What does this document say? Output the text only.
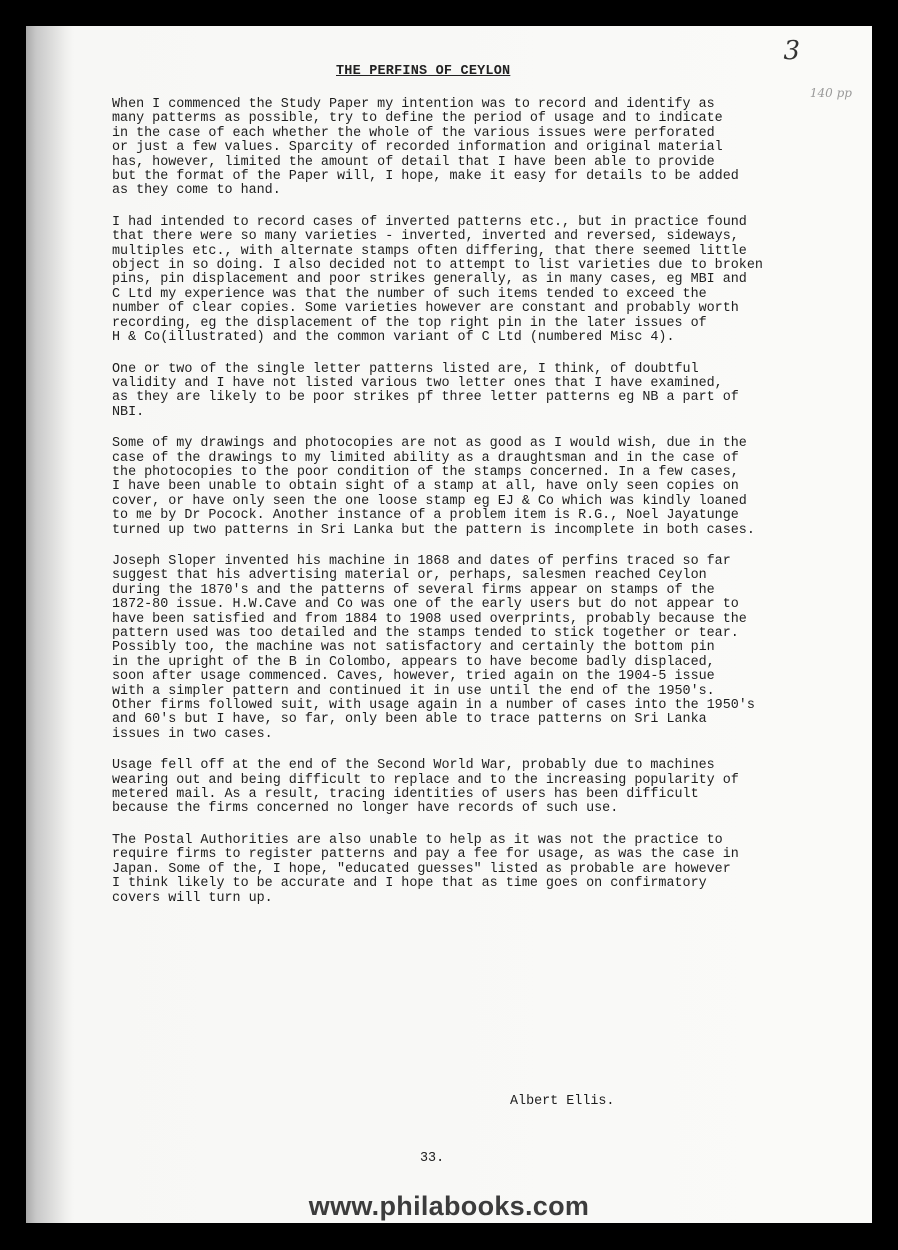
3
140 pp
THE PERFINS OF CEYLON

When I commenced the Study Paper my intention was to record and identify as
many patterms as possible, try to define the period of usage and to indicate
in the case of each whether the whole of the various issues were perforated
or just a few values. Sparcity of recorded information and original material
has, however, limited the amount of detail that I have been able to provide
but the format of the Paper will, I hope, make it easy for details to be added
as they come to hand.

I had intended to record cases of inverted patterns etc., but in practice found
that there were so many varieties - inverted, inverted and reversed, sideways,
multiples etc., with alternate stamps often differing, that there seemed little
object in so doing. I also decided not to attempt to list varieties due to broken
pins, pin displacement and poor strikes generally, as in many cases, eg MBI and
C Ltd my experience was that the number of such items tended to exceed the
number of clear copies. Some varieties however are constant and probably worth
recording, eg the displacement of the top right pin in the later issues of
H & Co(illustrated) and the common variant of C Ltd (numbered Misc 4).

One or two of the single letter patterns listed are, I think, of doubtful
validity and I have not listed various two letter ones that I have examined,
as they are likely to be poor strikes pf three letter patterns eg NB a part of
NBI.

Some of my drawings and photocopies are not as good as I would wish, due in the
case of the drawings to my limited ability as a draughtsman and in the case of
the photocopies to the poor condition of the stamps concerned. In a few cases,
I have been unable to obtain sight of a stamp at all, have only seen copies on
cover, or have only seen the one loose stamp eg EJ & Co which was kindly loaned
to me by Dr Pocock. Another instance of a problem item is R.G., Noel Jayatunge
turned up two patterns in Sri Lanka but the pattern is incomplete in both cases.

Joseph Sloper invented his machine in 1868 and dates of perfins traced so far
suggest that his advertising material or, perhaps, salesmen reached Ceylon
during the 1870's and the patterns of several firms appear on stamps of the
1872-80 issue. H.W.Cave and Co was one of the early users but do not appear to
have been satisfied and from 1884 to 1908 used overprints, probably because the
pattern used was too detailed and the stamps tended to stick together or tear.
Possibly too, the machine was not satisfactory and certainly the bottom pin
in the upright of the B in Colombo, appears to have become badly displaced,
soon after usage commenced. Caves, however, tried again on the 1904-5 issue
with a simpler pattern and continued it in use until the end of the 1950's.
Other firms followed suit, with usage again in a number of cases into the 1950's
and 60's but I have, so far, only been able to trace patterns on Sri Lanka
issues in two cases.

Usage fell off at the end of the Second World War, probably due to machines
wearing out and being difficult to replace and to the increasing popularity of
metered mail. As a result, tracing identities of users has been difficult
because the firms concerned no longer have records of such use.

The Postal Authorities are also unable to help as it was not the practice to
require firms to register patterns and pay a fee for usage, as was the case in
Japan. Some of the, I hope, "educated guesses" listed as probable are however
I think likely to be accurate and I hope that as time goes on confirmatory
covers will turn up.

Albert Ellis.
33.
www.philabooks.com
